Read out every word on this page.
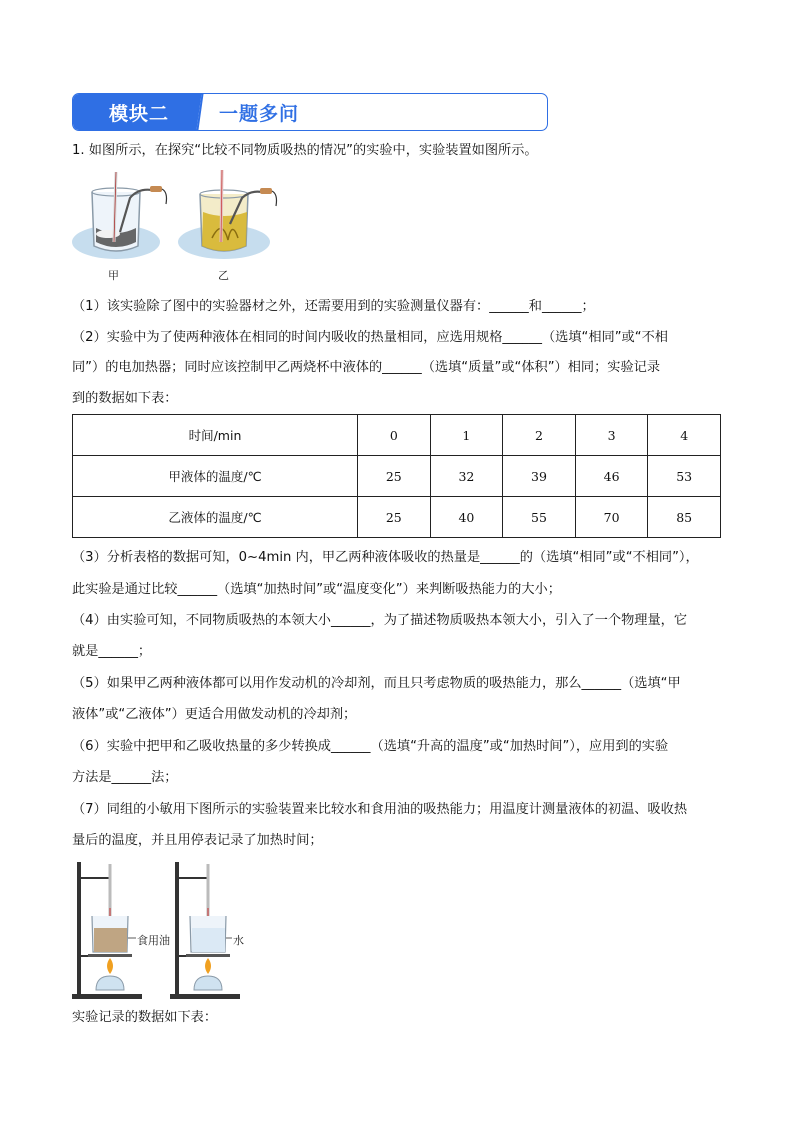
模块二	一题多问
1. 如图所示，在探究“比较不同物质吸热的情况”的实验中，实验装置如图所示。
甲	乙
（1）该实验除了图中的实验器材之外，还需要用到的实验测量仪器有：______和______；
（2）实验中为了使两种液体在相同的时间内吸收的热量相同，应选用规格______（选填“相同”或“不相
同”）的电加热器；同时应该控制甲乙两烧杯中液体的______（选填“质量”或“体积”）相同；实验记录
到的数据如下表：
时间/min	0	1	2	3	4
甲液体的温度/℃	25	32	39	46	53
乙液体的温度/℃	25	40	55	70	85
（3）分析表格的数据可知，0~4min 内，甲乙两种液体吸收的热量是______的（选填“相同”或“不相同”），
此实验是通过比较______（选填“加热时间”或“温度变化”）来判断吸热能力的大小；
（4）由实验可知，不同物质吸热的本领大小______，为了描述物质吸热本领大小，引入了一个物理量，它
就是______；
（5）如果甲乙两种液体都可以用作发动机的冷却剂，而且只考虑物质的吸热能力，那么______（选填“甲
液体”或“乙液体”）更适合用做发动机的冷却剂；
（6）实验中把甲和乙吸收热量的多少转换成______（选填“升高的温度”或“加热时间”），应用到的实验
方法是______法；
（7）同组的小敏用下图所示的实验装置来比较水和食用油的吸热能力；用温度计测量液体的初温、吸收热
量后的温度，并且用停表记录了加热时间；
食用油	水
实验记录的数据如下表：
